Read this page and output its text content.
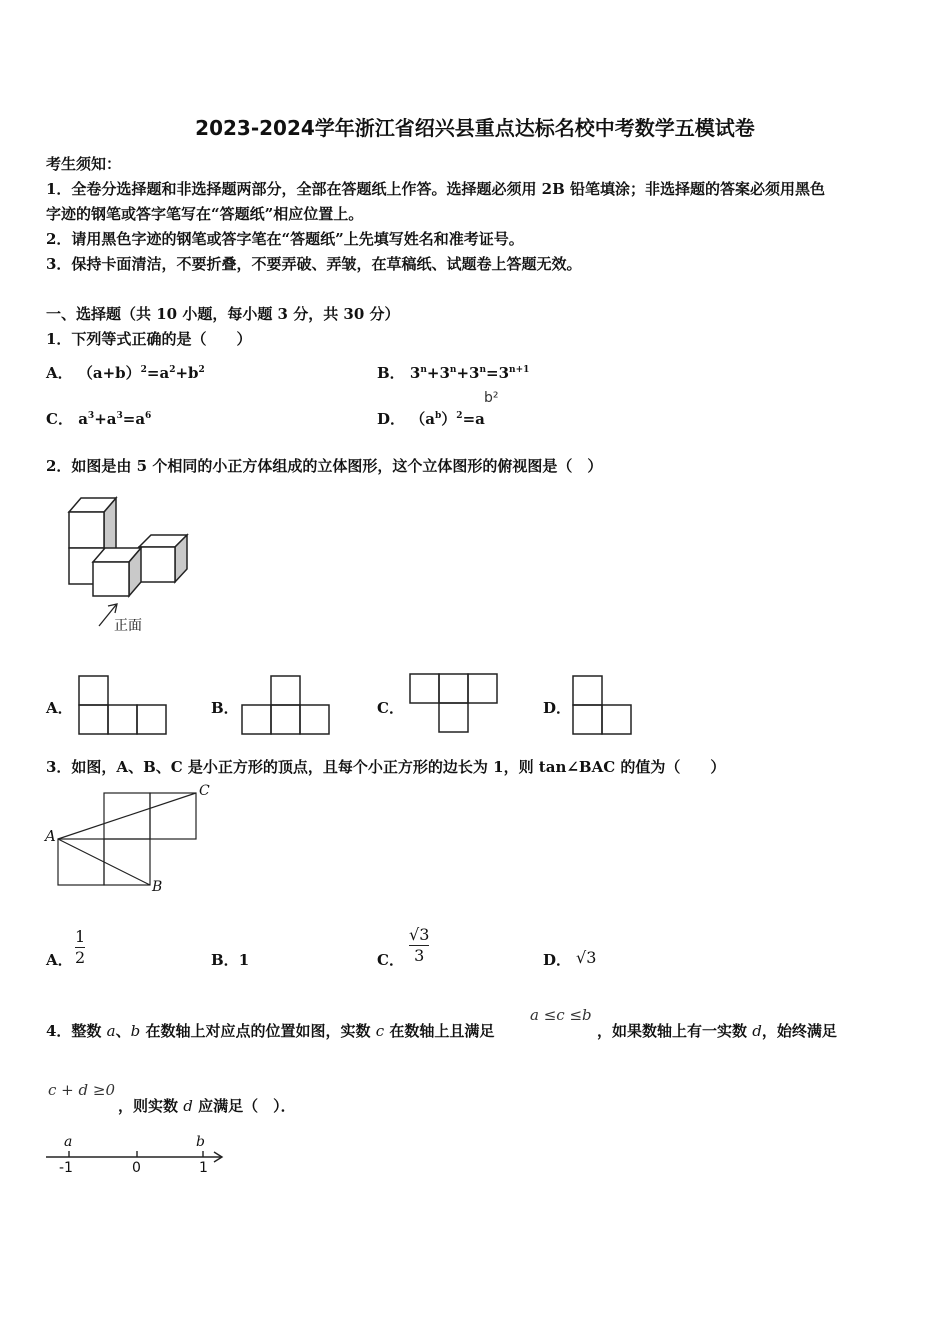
2023-2024学年浙江省绍兴县重点达标名校中考数学五模试卷
考生须知：
1．全卷分选择题和非选择题两部分，全部在答题纸上作答。选择题必须用 2B 铅笔填涂；非选择题的答案必须用黑色
字迹的钢笔或答字笔写在“答题纸”相应位置上。
2．请用黑色字迹的钢笔或答字笔在“答题纸”上先填写姓名和准考证号。
3．保持卡面清洁，不要折叠，不要弄破、弄皱，在草稿纸、试题卷上答题无效。
一、选择题（共 10 小题，每小题 3 分，共 30 分）
1．下列等式正确的是（　　）
A． $(a+b)^2=a^2+b^2$	B． $3^n+3^n+3^n=3^{n+1}$
C． $a^3+a^3=a^6$	D． $(a^b)^2=a$
b²
2．如图是由 5 个相同的小正方体组成的立体图形，这个立体图形的俯视图是（　）
正面
A．	B．	C．	D．
3．如图，A、B、C 是小正方形的顶点，且每个小正方形的边长为 1，则 tan∠BAC 的值为（　　）
A
B
C
A． $\frac{1}{2}$	B．1	C． $\frac{√3}{3}$	D． √3
4．整数 a、b 在数轴上对应点的位置如图，实数 c 在数轴上且满足
a ≤c ≤b
，如果数轴上有一实数 d，始终满足
c + d ≥0
，则实数 d 应满足（　）．
a	b
-1	0	1
